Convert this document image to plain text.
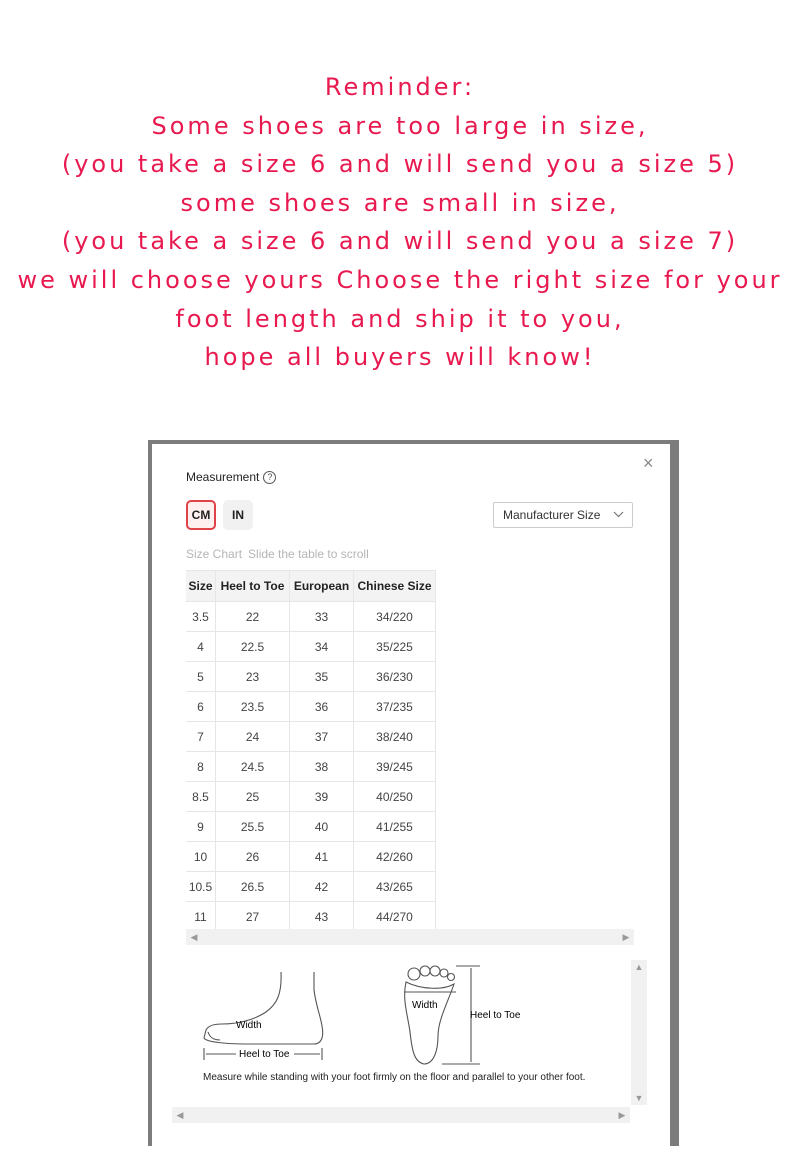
Reminder:
Some shoes are too large in size,
(you take a size 6 and will send you a size 5)
some shoes are small in size,
(you take a size 6 and will send you a size 7)
we will choose yours Choose the right size for your
foot length and ship it to you,
hope all buyers will know!
×
Measurement ?
CM	IN	Manufacturer Size
Size Chart Slide the table to scroll
Size	Heel to Toe	European	Chinese Size
3.5	22	33	34/220
4	22.5	34	35/225
5	23	35	36/230
6	23.5	36	37/235
7	24	37	38/240
8	24.5	38	39/245
8.5	25	39	40/250
9	25.5	40	41/255
10	26	41	42/260
10.5	26.5	42	43/265
11	27	43	44/270
◀	▶
Width
Heel to Toe
Width
Heel to Toe
Measure while standing with your foot firmly on the floor and parallel to your other foot.
▲
▼
◀	▶
